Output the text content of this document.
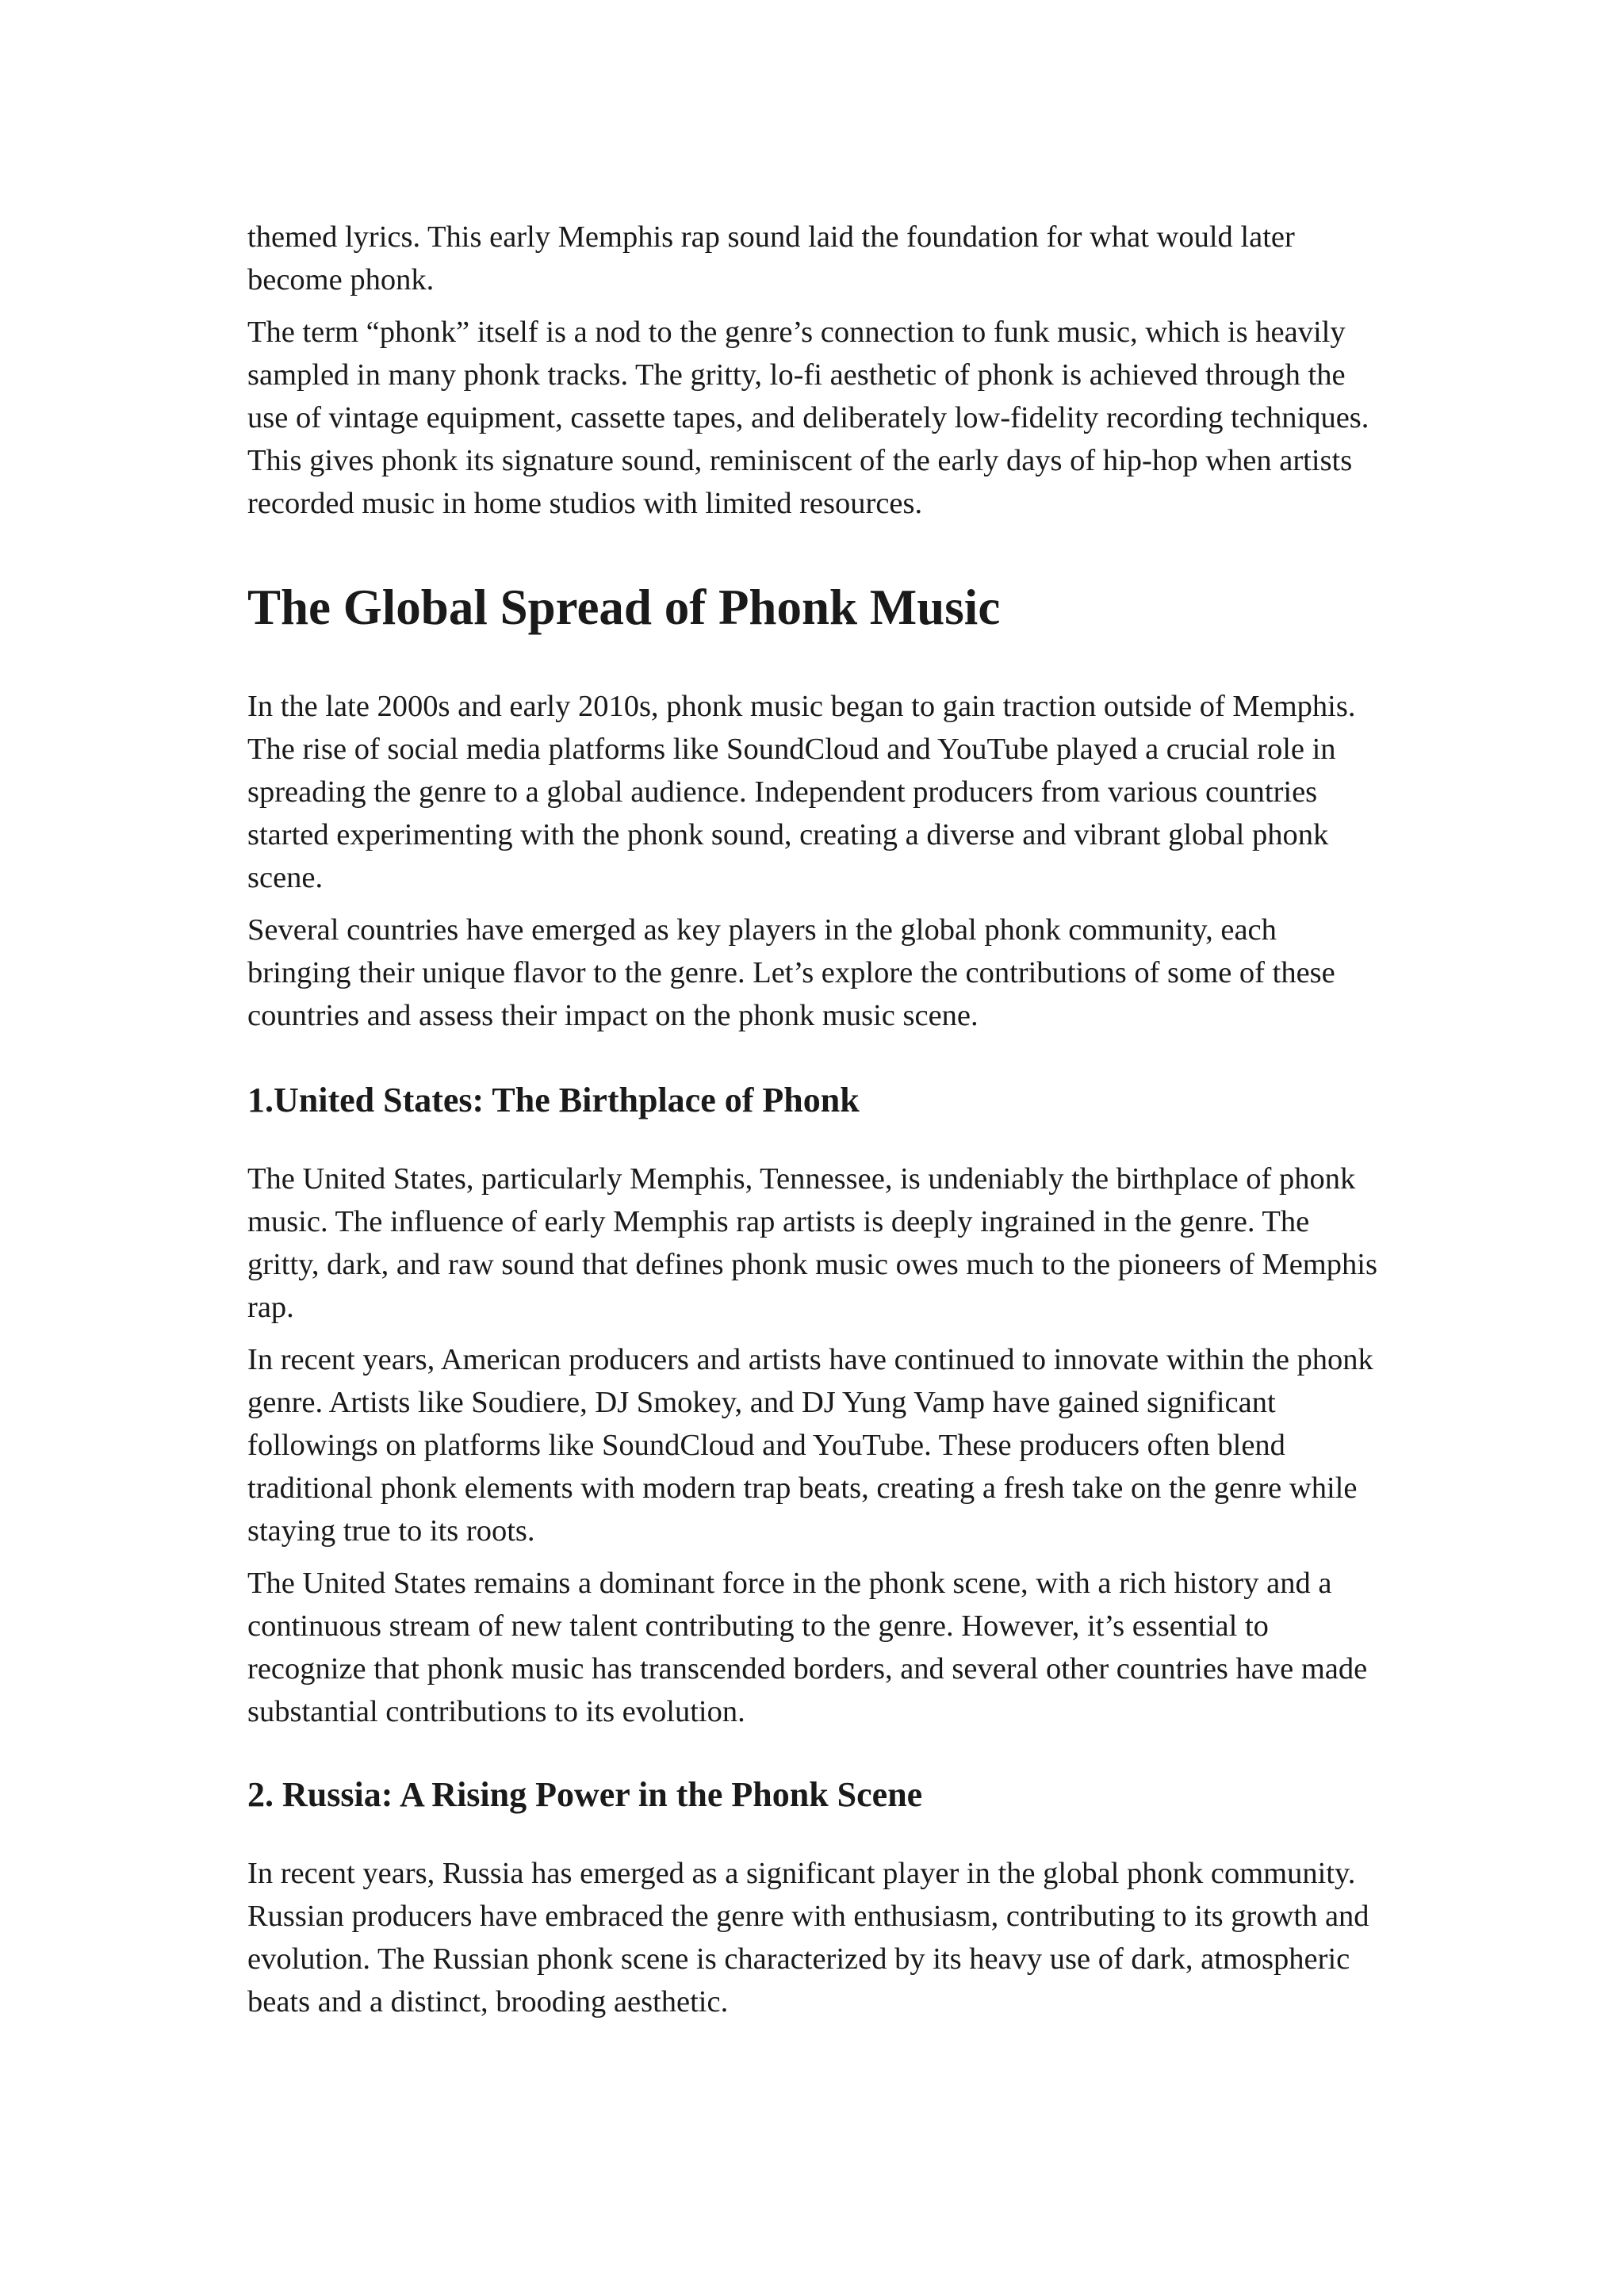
themed lyrics. This early Memphis rap sound laid the foundation for what would later become phonk.

The term “phonk” itself is a nod to the genre’s connection to funk music, which is heavily sampled in many phonk tracks. The gritty, lo-fi aesthetic of phonk is achieved through the use of vintage equipment, cassette tapes, and deliberately low-fidelity recording techniques. This gives phonk its signature sound, reminiscent of the early days of hip-hop when artists recorded music in home studios with limited resources.

The Global Spread of Phonk Music

In the late 2000s and early 2010s, phonk music began to gain traction outside of Memphis. The rise of social media platforms like SoundCloud and YouTube played a crucial role in spreading the genre to a global audience. Independent producers from various countries started experimenting with the phonk sound, creating a diverse and vibrant global phonk scene.

Several countries have emerged as key players in the global phonk community, each bringing their unique flavor to the genre. Let’s explore the contributions of some of these countries and assess their impact on the phonk music scene.

1.United States: The Birthplace of Phonk

The United States, particularly Memphis, Tennessee, is undeniably the birthplace of phonk music. The influence of early Memphis rap artists is deeply ingrained in the genre. The gritty, dark, and raw sound that defines phonk music owes much to the pioneers of Memphis rap.

In recent years, American producers and artists have continued to innovate within the phonk genre. Artists like Soudiere, DJ Smokey, and DJ Yung Vamp have gained significant followings on platforms like SoundCloud and YouTube. These producers often blend traditional phonk elements with modern trap beats, creating a fresh take on the genre while staying true to its roots.

The United States remains a dominant force in the phonk scene, with a rich history and a continuous stream of new talent contributing to the genre. However, it’s essential to recognize that phonk music has transcended borders, and several other countries have made substantial contributions to its evolution.

2. Russia: A Rising Power in the Phonk Scene

In recent years, Russia has emerged as a significant player in the global phonk community. Russian producers have embraced the genre with enthusiasm, contributing to its growth and evolution. The Russian phonk scene is characterized by its heavy use of dark, atmospheric beats and a distinct, brooding aesthetic.
